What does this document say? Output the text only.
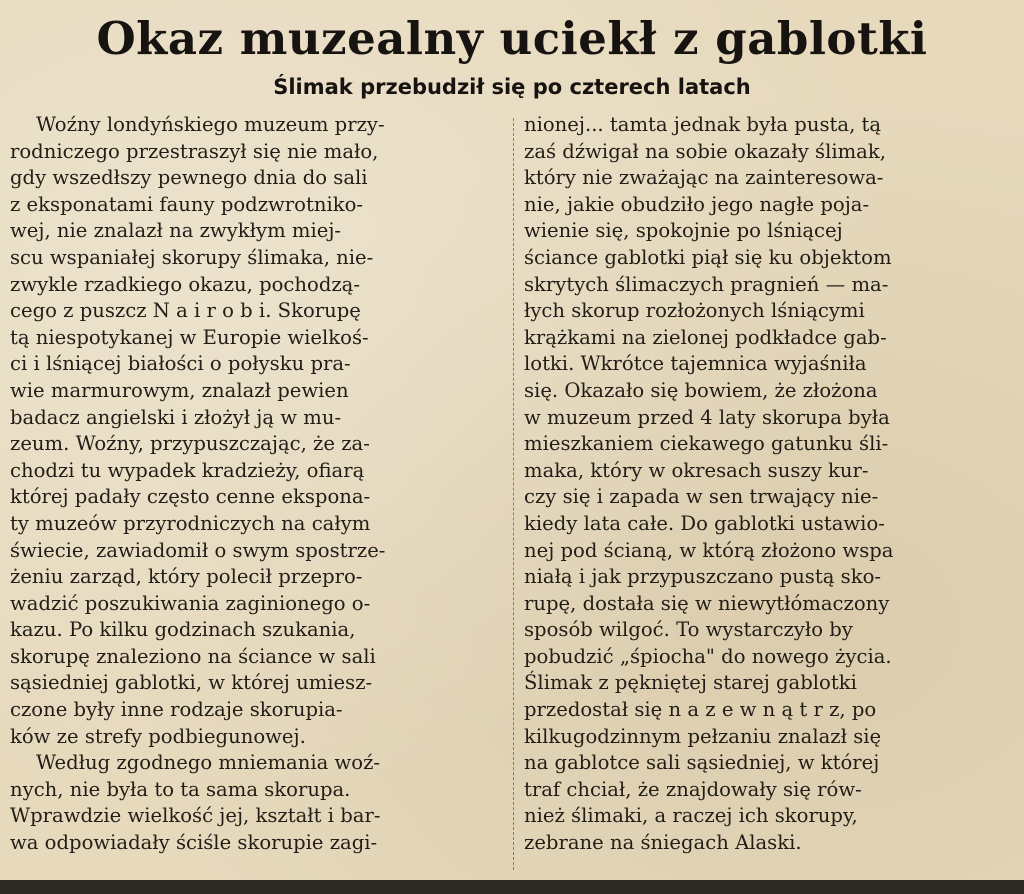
Okaz muzealny uciekł z gablotki
Ślimak przebudził się po czterech latach
Woźny londyńskiego muzeum przy-
rodniczego przestraszył się nie mało,
gdy wszedłszy pewnego dnia do sali
z eksponatami fauny podzwrotniko-
wej, nie znalazł na zwykłym miej-
scu wspaniałej skorupy ślimaka, nie-
zwykle rzadkiego okazu, pochodzą-
cego z puszcz N a i r o b i. Skorupę
tą niespotykanej w Europie wielkoś-
ci i lśniącej białości o połysku pra-
wie marmurowym, znalazł pewien
badacz angielski i złożył ją w mu-
zeum. Woźny, przypuszczając, że za-
chodzi tu wypadek kradzieży, ofiarą
której padały często cenne eksponа-
ty muzeów przyrodniczych na całym
świecie, zawiadomił o swym spostrze-
żeniu zarząd, który polecił przepro-
wadzić poszukiwania zaginionego o-
kazu. Po kilku godzinach szukania,
skorupę znaleziono na ściance w sali
sąsiedniej gablotki, w której umiesz-
czone były inne rodzaje skorupia-
ków ze strefy podbiegunowej.
Według zgodnego mniemania woź-
nych, nie była to ta sama skorupa.
Wprawdzie wielkość jej, kształt i bar-
wa odpowiadały ściśle skorupie zagi-
nionej... tamta jednak była pusta, tą
zaś dźwigał na sobie okazały ślimak,
który nie zważając na zainteresowa-
nie, jakie obudziło jego nagłe poja-
wienie się, spokojnie po lśniącej
ściance gablotki piął się ku objektom
skrytych ślimaczych pragnień — ma-
łych skorup rozłożonych lśniącymi
krążkami na zielonej podkładce gab-
lotki. Wkrótce tajemnica wyjaśniła
się. Okazało się bowiem, że złożona
w muzeum przed 4 laty skorupa była
mieszkaniem ciekawego gatunku śli-
maka, który w okresach suszy kur-
czy się i zapada w sen trwający nie-
kiedy lata całe. Do gablotki ustawio-
nej pod ścianą, w którą złożono wspa
niałą i jak przypuszczano pustą sko-
rupę, dostała się w niewytłómaczony
sposób wilgoć. To wystarczyło by
pobudzić „śpiocha" do nowego życia.
Ślimak z pękniętej starej gablotki
przedostał się n a z e w n ą t r z, po
kilkugodzinnym pełzaniu znalazł się
na gablotce sali sąsiedniej, w której
traf chciał, że znajdowały się rów-
nież ślimaki, a raczej ich skorupy,
zebrane na śniegach Alaski.
